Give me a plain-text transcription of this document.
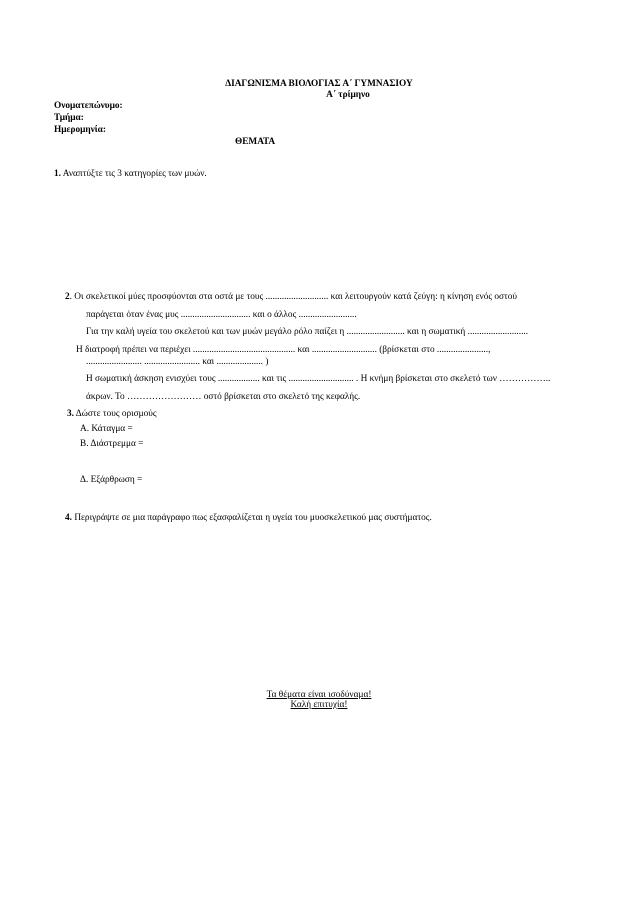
ΔΙΑΓΩΝΙΣΜΑ ΒΙΟΛΟΓΙΑΣ Α΄ ΓΥΜΝΑΣΙΟΥ
Α΄ τρίμηνο
Ονοματεπώνυμο:
Τμήμα:
Ημερομηνία:
ΘΕΜΑΤΑ
1. Αναπτύξτε τις 3 κατηγορίες των μυών.
2. Οι σκελετικοί μύες προσφύονται στα οστά με τους ........................... και λειτουργούν κατά ζεύγη: η κίνηση ενός οστού
παράγεται όταν ένας μυς .............................. και ο άλλος .........................
Για την καλή υγεία του σκελετού και των μυών μεγάλο ρόλο παίζει η ......................... και η σωματική ..........................
Η διατροφή πρέπει να περιέχει ............................................ και ............................ (βρίσκεται στο ......................,
........................ ........................ και .................... )
Η σωματική άσκηση ενισχύει τους .................. και τις ............................ . Η κνήμη βρίσκεται στο σκελετό των ……………..
άκρων. Το …………………… οστό βρίσκεται στο σκελετό της κεφαλής.
3. Δώστε τους ορισμούς
Α. Κάταγμα =
Β. Διάστρεμμα =
Δ. Εξάρθρωση =
4. Περιγράψτε σε μια παράγραφο πως εξασφαλίζεται η υγεία του μυοσκελετικού μας συστήματος.
Τα θέματα είναι ισοδύναμα!
Καλή επιτυχία!
